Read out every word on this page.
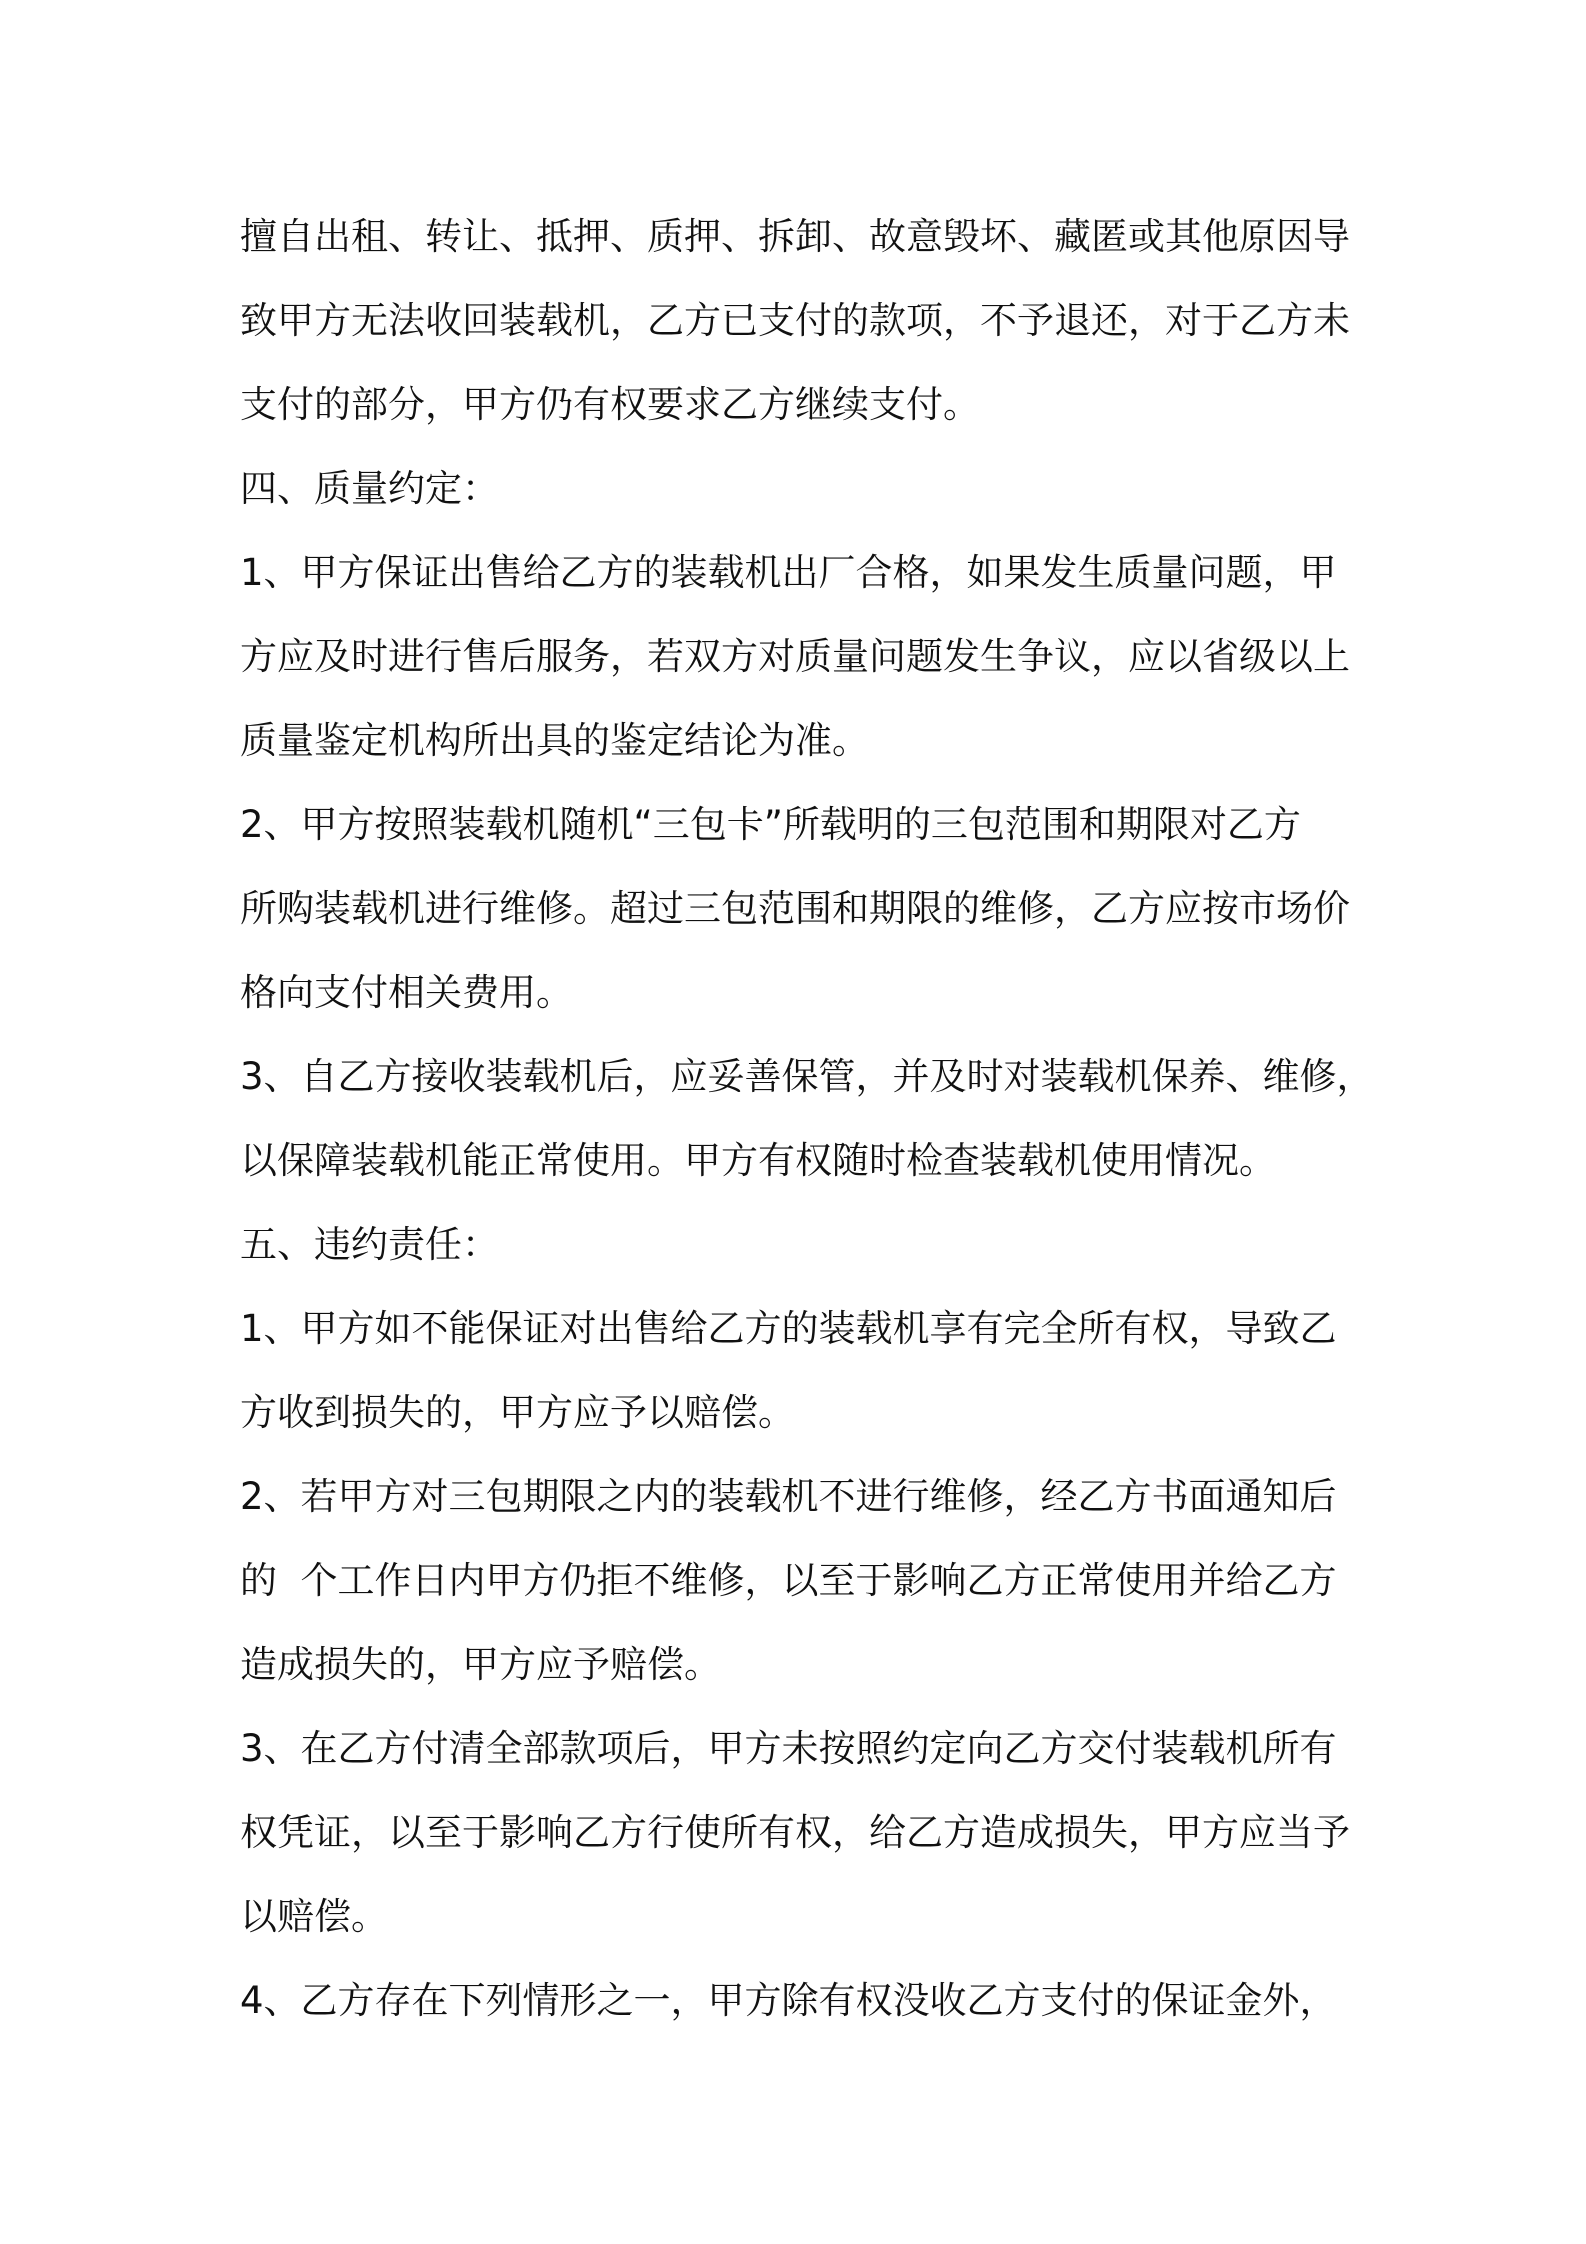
擅自出租、转让、抵押、质押、拆卸、故意毁坏、藏匿或其他原因导
致甲方无法收回装载机，乙方已支付的款项，不予退还，对于乙方未
支付的部分，甲方仍有权要求乙方继续支付。
四、质量约定：
1、甲方保证出售给乙方的装载机出厂合格，如果发生质量问题，甲
方应及时进行售后服务，若双方对质量问题发生争议，应以省级以上
质量鉴定机构所出具的鉴定结论为准。
2、甲方按照装载机随机“三包卡”所载明的三包范围和期限对乙方
所购装载机进行维修。超过三包范围和期限的维修，乙方应按市场价
格向支付相关费用。
3、自乙方接收装载机后，应妥善保管，并及时对装载机保养、维修，
以保障装载机能正常使用。甲方有权随时检查装载机使用情况。
五、违约责任：
1、甲方如不能保证对出售给乙方的装载机享有完全所有权，导致乙
方收到损失的，甲方应予以赔偿。
2、若甲方对三包期限之内的装载机不进行维修，经乙方书面通知后
的  个工作日内甲方仍拒不维修，以至于影响乙方正常使用并给乙方
造成损失的，甲方应予赔偿。
3、在乙方付清全部款项后，甲方未按照约定向乙方交付装载机所有
权凭证，以至于影响乙方行使所有权，给乙方造成损失，甲方应当予
以赔偿。
4、乙方存在下列情形之一，甲方除有权没收乙方支付的保证金外，
